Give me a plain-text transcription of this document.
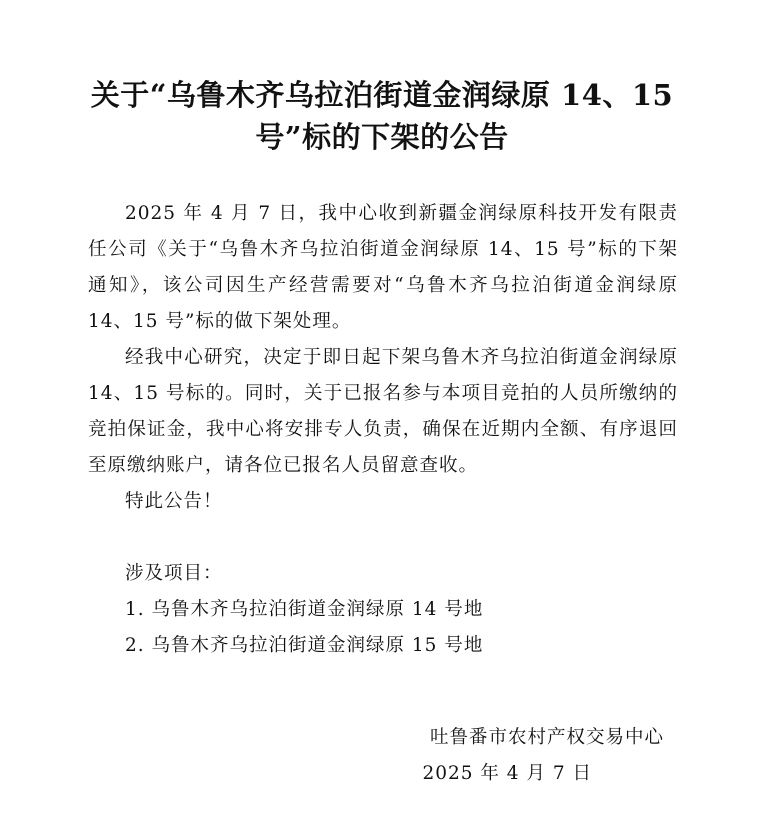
关于“乌鲁木齐乌拉泊街道金润绿原 14、15
号”标的下架的公告

2025 年 4 月 7 日，我中心收到新疆金润绿原科技开发有限责任公司《关于“乌鲁木齐乌拉泊街道金润绿原 14、15 号”标的下架通知》，该公司因生产经营需要对“乌鲁木齐乌拉泊街道金润绿原 14、15 号”标的做下架处理。

经我中心研究，决定于即日起下架乌鲁木齐乌拉泊街道金润绿原 14、15 号标的。同时，关于已报名参与本项目竞拍的人员所缴纳的竞拍保证金，我中心将安排专人负责，确保在近期内全额、有序退回至原缴纳账户，请各位已报名人员留意查收。

特此公告！

涉及项目：

1. 乌鲁木齐乌拉泊街道金润绿原 14 号地
2. 乌鲁木齐乌拉泊街道金润绿原 15 号地
吐鲁番市农村产权交易中心
2025 年 4 月 7 日
